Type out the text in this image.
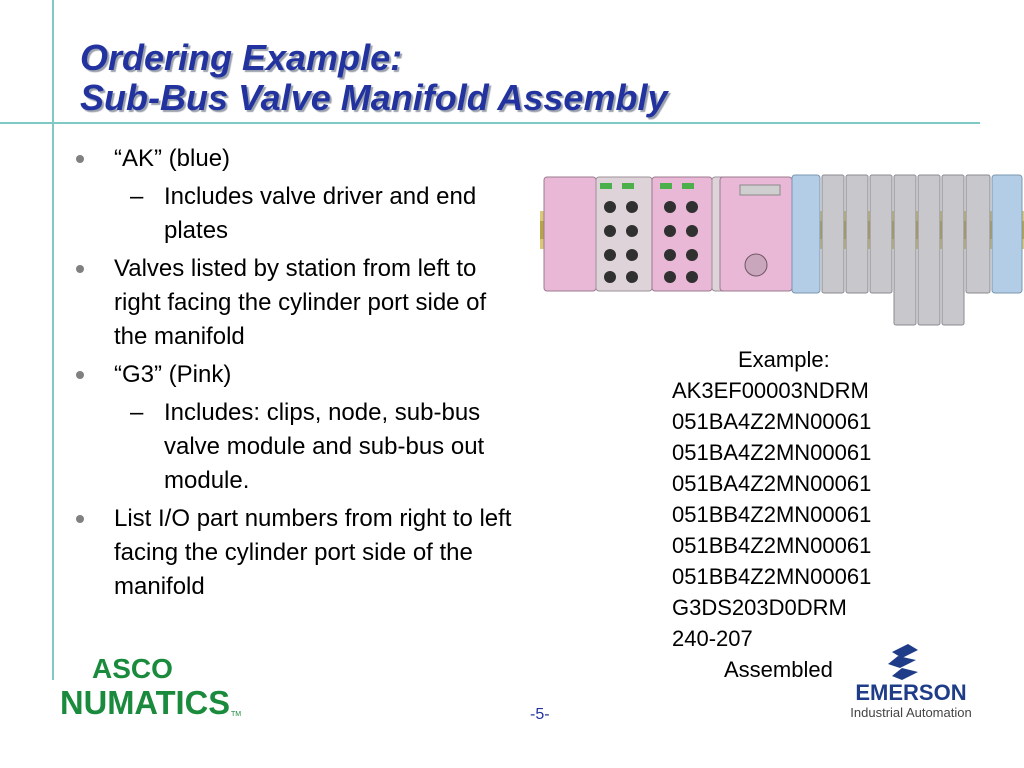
Ordering Example:
Sub-Bus Valve Manifold Assembly
“AK” (blue)
– Includes valve driver and end plates
Valves listed by station from left to right facing the cylinder port side of the manifold
“G3” (Pink)
– Includes: clips, node, sub-bus valve module and sub-bus out module.
List I/O part numbers from right to left facing the cylinder port side of the manifold
Example:
AK3EF00003NDRM
051BA4Z2MN00061
051BA4Z2MN00061
051BA4Z2MN00061
051BB4Z2MN00061
051BB4Z2MN00061
051BB4Z2MN00061
G3DS203D0DRM
240-207
Assembled
ASCO
NUMATICS TM	-5-
EMERSON
Industrial Automation
